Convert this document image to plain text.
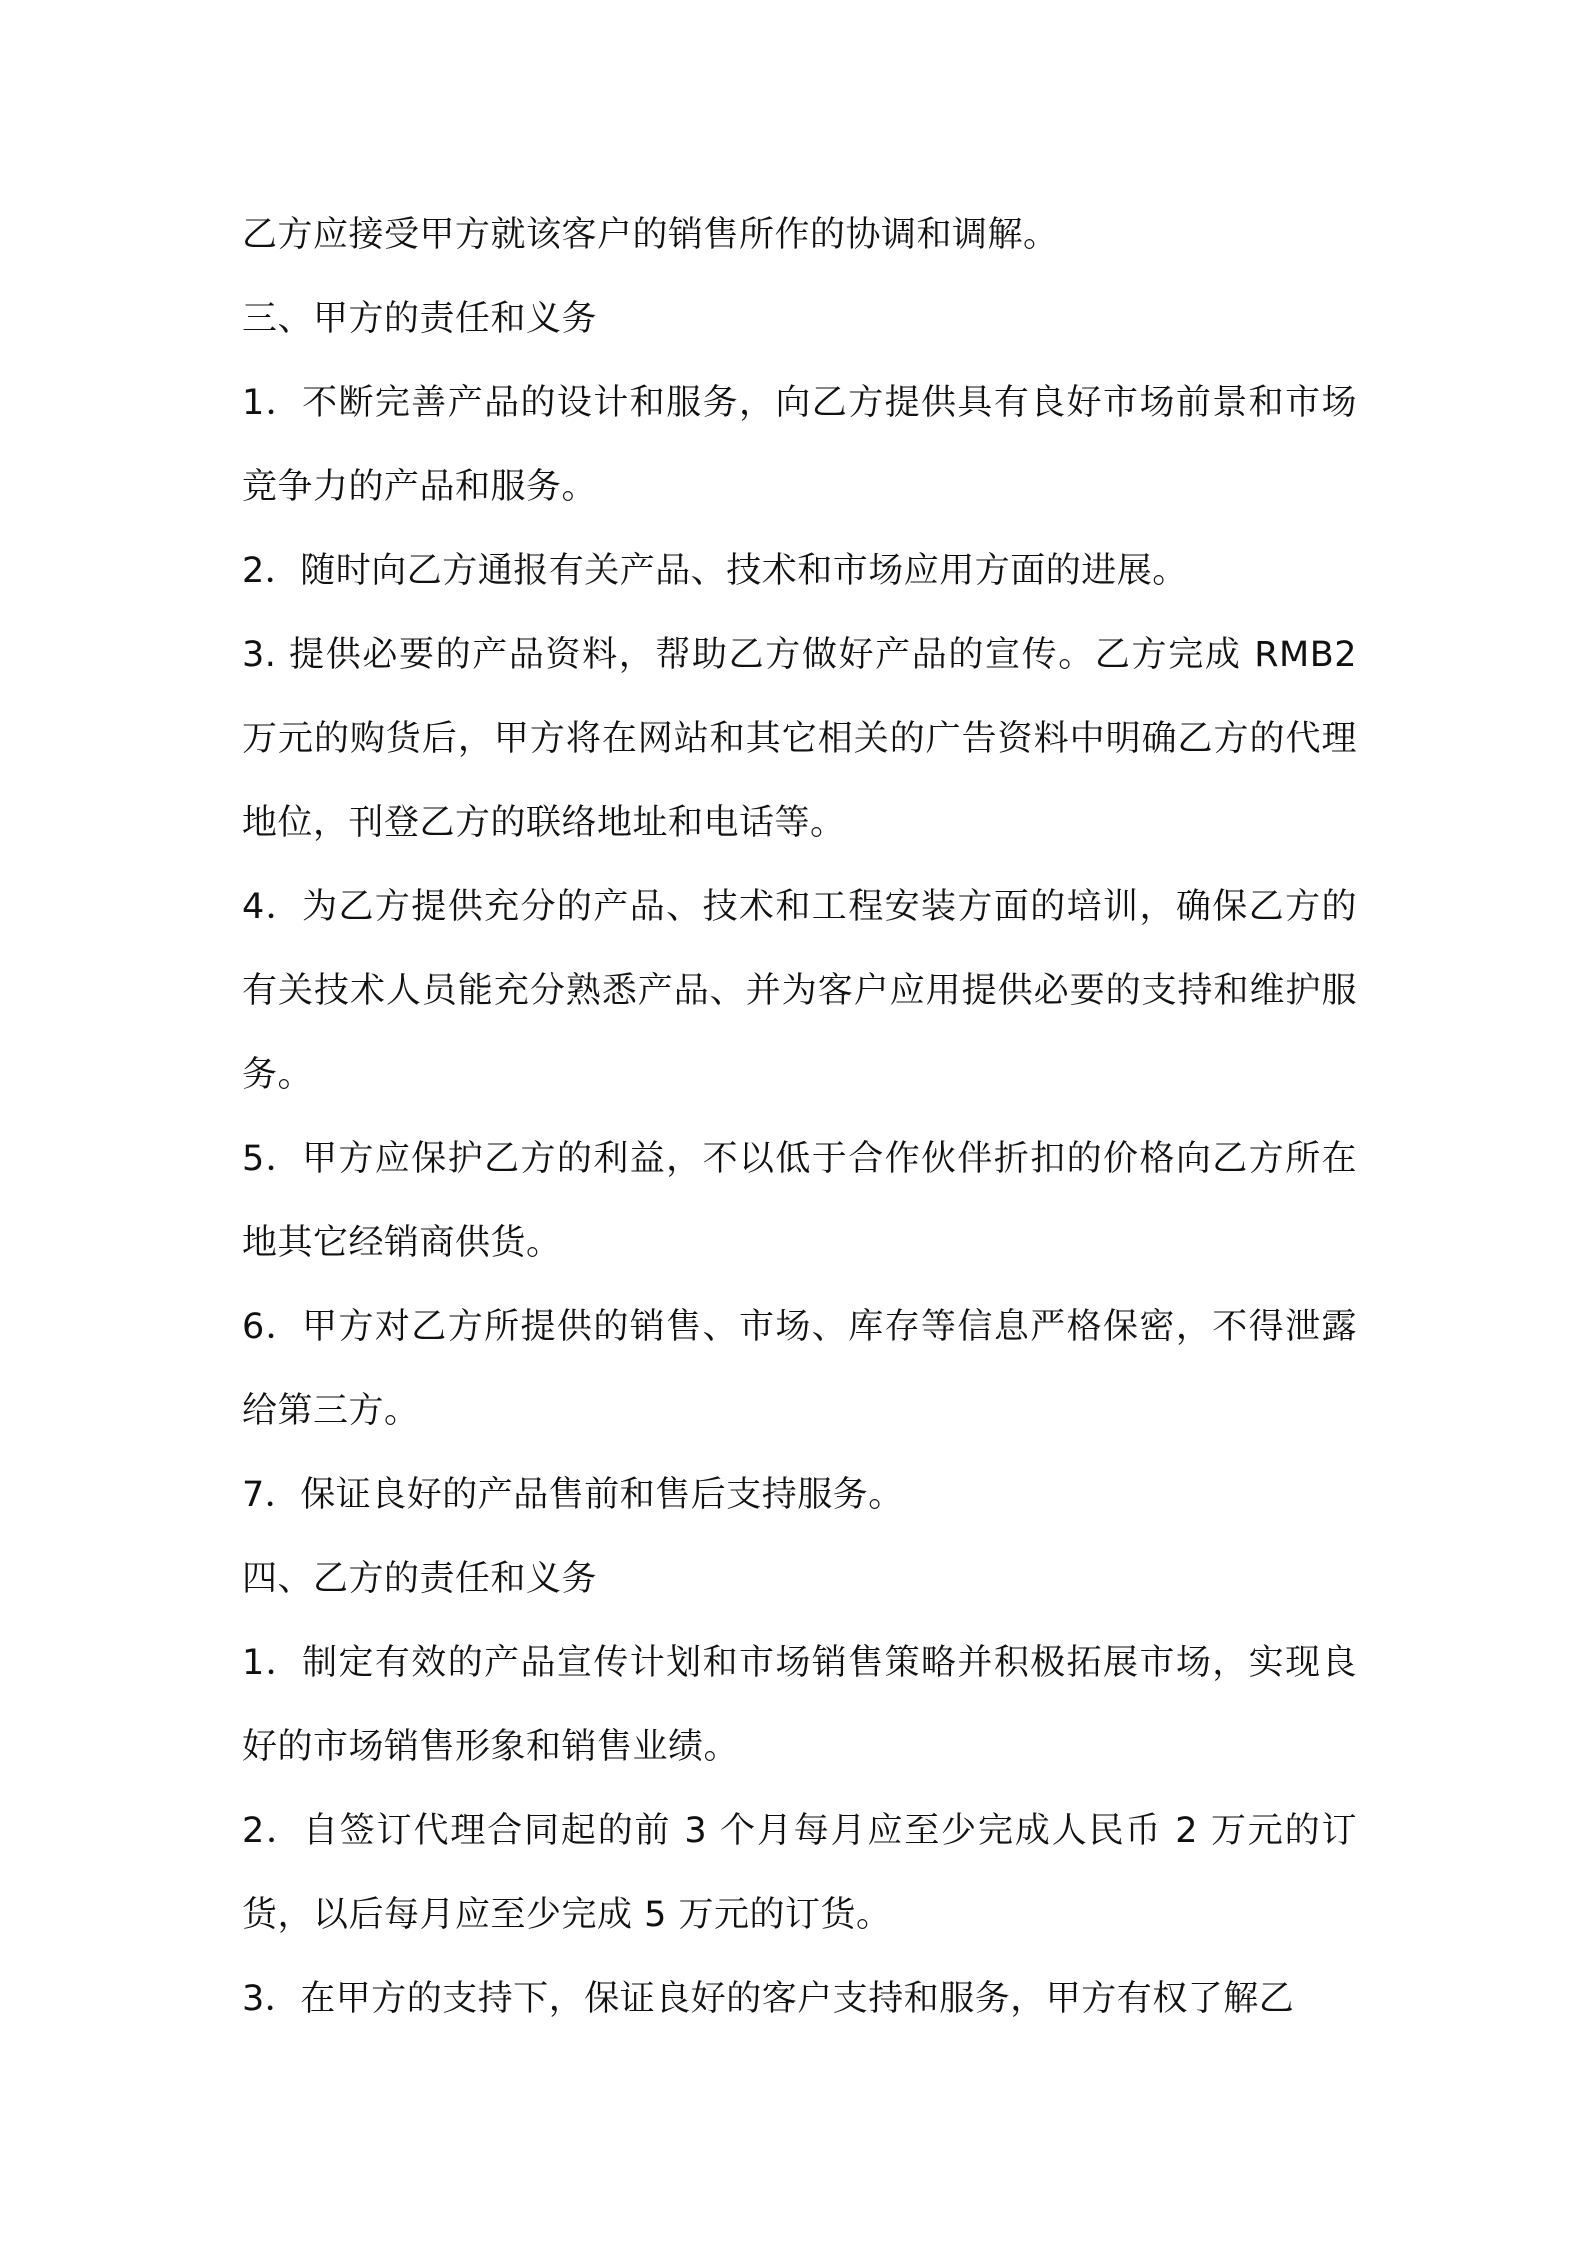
乙方应接受甲方就该客户的销售所作的协调和调解。

三、甲方的责任和义务

1．不断完善产品的设计和服务，向乙方提供具有良好市场前景和市场竞争力的产品和服务。

2．随时向乙方通报有关产品、技术和市场应用方面的进展。

3. 提供必要的产品资料，帮助乙方做好产品的宣传。乙方完成 RMB2 万元的购货后，甲方将在网站和其它相关的广告资料中明确乙方的代理地位，刊登乙方的联络地址和电话等。

4．为乙方提供充分的产品、技术和工程安装方面的培训，确保乙方的有关技术人员能充分熟悉产品、并为客户应用提供必要的支持和维护服务。

5．甲方应保护乙方的利益，不以低于合作伙伴折扣的价格向乙方所在地其它经销商供货。

6．甲方对乙方所提供的销售、市场、库存等信息严格保密，不得泄露给第三方。

7．保证良好的产品售前和售后支持服务。

四、乙方的责任和义务

1．制定有效的产品宣传计划和市场销售策略并积极拓展市场，实现良好的市场销售形象和销售业绩。

2．自签订代理合同起的前 3 个月每月应至少完成人民币 2 万元的订货，以后每月应至少完成 5 万元的订货。

3．在甲方的支持下，保证良好的客户支持和服务，甲方有权了解乙
